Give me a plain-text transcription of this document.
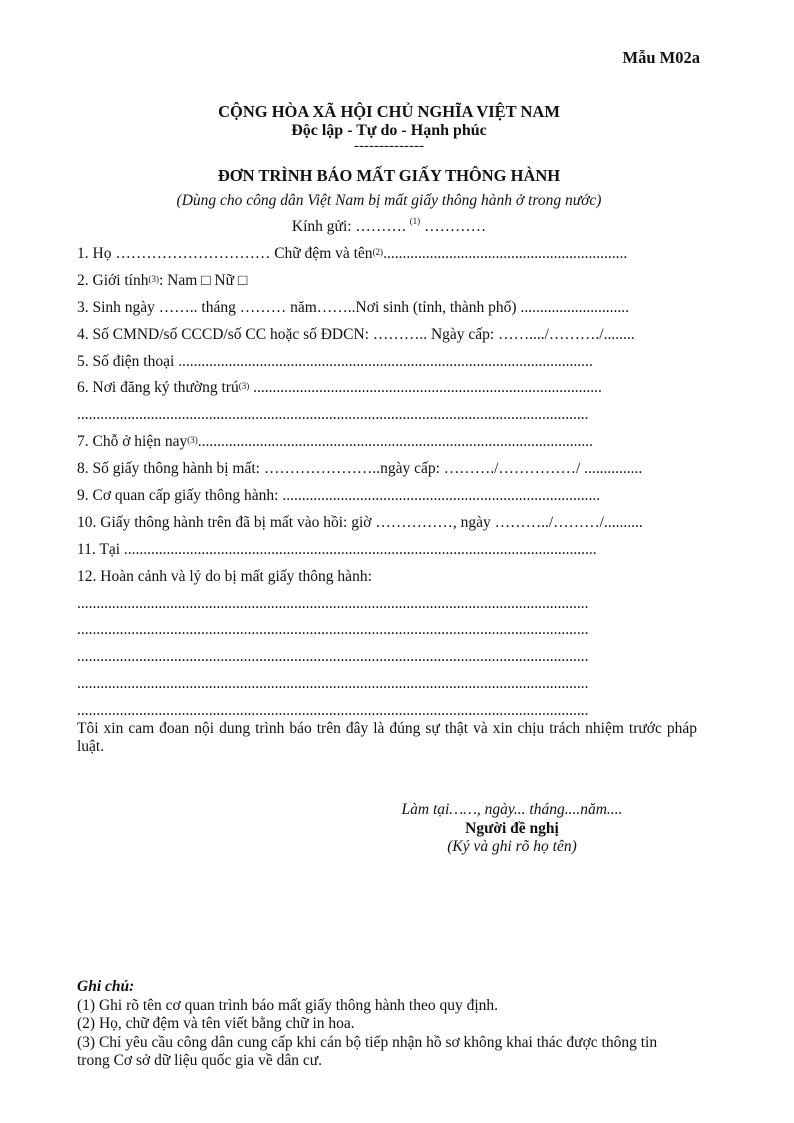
Mẫu M02a
CỘNG HÒA XÃ HỘI CHỦ NGHĨA VIỆT NAM
Độc lập - Tự do - Hạnh phúc
--------------
ĐƠN TRÌNH BÁO MẤT GIẤY THÔNG HÀNH
(Dùng cho công dân Việt Nam bị mất giấy thông hành ở trong nước)
Kính gửi: ………. $^{(1)}$ …………
1. Họ ………………………… Chữ đệm và tên$^{(2)}$...............................................................
2. Giới tính$^{(3)}$: Nam □ Nữ □
3. Sinh ngày …….. tháng ……… năm……..Nơi sinh (tỉnh, thành phố) ............................
4. Số CMND/số CCCD/số CC hoặc số ĐDCN: ……….. Ngày cấp: ……..../………./........
5. Số điện thoại ...........................................................................................................
6. Nơi đăng ký thường trú$^{(3)}$ ..........................................................................................
....................................................................................................................................
7. Chỗ ở hiện nay$^{(3)}$......................................................................................................
8. Số giấy thông hành bị mất: …………………..ngày cấp: ………./……………/ ...............
9. Cơ quan cấp giấy thông hành: ..................................................................................
10. Giấy thông hành trên đã bị mất vào hồi: giờ ……………, ngày ………../………/..........
11. Tại ..........................................................................................................................
12. Hoàn cảnh và lý do bị mất giấy thông hành:
....................................................................................................................................
....................................................................................................................................
....................................................................................................................................
....................................................................................................................................
....................................................................................................................................
Tôi xin cam đoan nội dung trình báo trên đây là đúng sự thật và xin chịu trách nhiệm trước pháp luật.
Làm tại……, ngày... tháng....năm....
Người đề nghị
(Ký và ghi rõ họ tên)
Ghi chú:
(1) Ghi rõ tên cơ quan trình báo mất giấy thông hành theo quy định.
(2) Họ, chữ đệm và tên viết bằng chữ in hoa.
(3) Chỉ yêu cầu công dân cung cấp khi cán bộ tiếp nhận hồ sơ không khai thác được thông tin trong Cơ sở dữ liệu quốc gia về dân cư.
